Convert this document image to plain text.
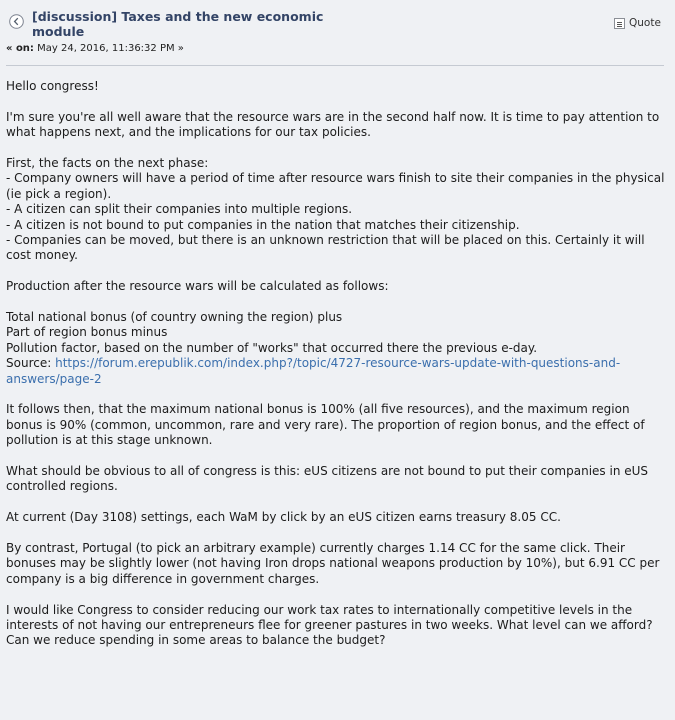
[discussion] Taxes and the new economic module
« on: May 24, 2016, 11:36:32 PM »
Quote

Hello congress!

I'm sure you're all well aware that the resource wars are in the second half now. It is time to pay attention to what happens next, and the implications for our tax policies.

First, the facts on the next phase:
- Company owners will have a period of time after resource wars finish to site their companies in the physical (ie pick a region).
- A citizen can split their companies into multiple regions.
- A citizen is not bound to put companies in the nation that matches their citizenship.
- Companies can be moved, but there is an unknown restriction that will be placed on this. Certainly it will cost money.

Production after the resource wars will be calculated as follows:

Total national bonus (of country owning the region) plus
Part of region bonus minus
Pollution factor, based on the number of "works" that occurred there the previous e-day.
Source: https://forum.erepublik.com/index.php?/topic/4727-resource-wars-update-with-questions-and-answers/page-2

It follows then, that the maximum national bonus is 100% (all five resources), and the maximum region bonus is 90% (common, uncommon, rare and very rare). The proportion of region bonus, and the effect of pollution is at this stage unknown.

What should be obvious to all of congress is this: eUS citizens are not bound to put their companies in eUS controlled regions.

At current (Day 3108) settings, each WaM by click by an eUS citizen earns treasury 8.05 CC.

By contrast, Portugal (to pick an arbitrary example) currently charges 1.14 CC for the same click. Their bonuses may be slightly lower (not having Iron drops national weapons production by 10%), but 6.91 CC per company is a big difference in government charges.

I would like Congress to consider reducing our work tax rates to internationally competitive levels in the interests of not having our entrepreneurs flee for greener pastures in two weeks. What level can we afford? Can we reduce spending in some areas to balance the budget?
